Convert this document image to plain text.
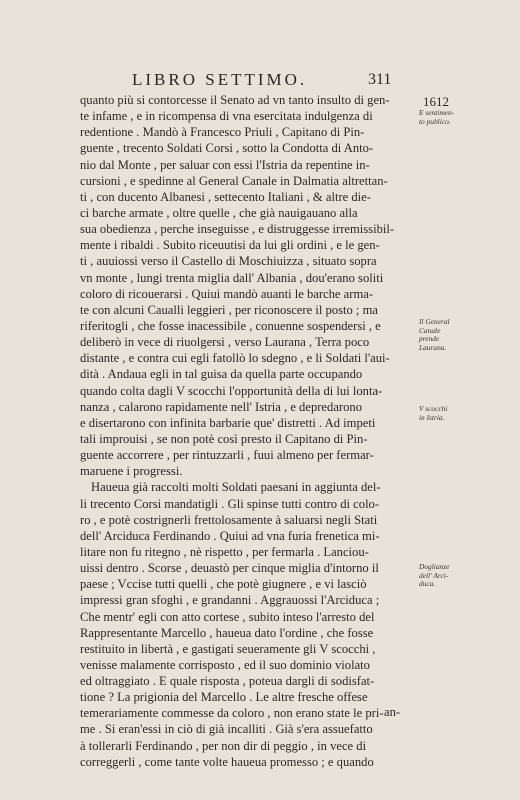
LIBRO SETTIMO.	311
1612
quanto più si contorcesse il Senato ad vn tanto insulto di gen-
te infame , e in ricompensa di vna esercitata indulgenza di
redentione . Mandò à Francesco Priuli , Capitano di Pin-
guente , trecento Soldati Corsi , sotto la Condotta di Anto-
nio dal Monte , per saluar con essi l'Istria da repentine in-
cursioni , e spedinne al General Canale in Dalmatia altrettan-
ti , con ducento Albanesi , settecento Italiani , & altre die-
ci barche armate , oltre quelle , che già nauigauano alla
sua obedienza , perche inseguisse , e distruggesse irremissibil-
mente i ribaldi . Subito riceuutisi da lui gli ordini , e le gen-
ti , auuiossi verso il Castello di Moschiuizza , situato sopra
vn monte , lungi trenta miglia dall' Albania , dou'erano soliti
coloro di ricouerarsi . Quiui mandò auanti le barche arma-
te con alcuni Caualli leggieri , per riconoscere il posto ; ma
riferitogli , che fosse inacessibile , conuenne sospendersi , e
deliberò in vece di riuolgersi , verso Laurana , Terra poco
distante , e contra cui egli fatollò lo sdegno , e li Soldati l'aui-
dità . Andaua egli in tal guisa da quella parte occupando
quando colta dagli V scocchi l'opportunità della di lui lonta-
nanza , calarono rapidamente nell' Istria , e depredarono
e disertarono con infinita barbarie que' distretti . Ad impeti
tali improuisi , se non potè così presto il Capitano di Pin-
guente accorrere , per rintuzzarli , fuui almeno per fermar-
maruene i progressi.
Haueua già raccolti molti Soldati paesani in aggiunta del-
li trecento Corsi mandatigli . Gli spinse tutti contro di colo-
ro , e potè costrignerli frettolosamente à saluarsi negli Stati
dell' Arciduca Ferdinando . Quiui ad vna furia frenetica mi-
litare non fu ritegno , nè rispetto , per fermarla . Lanciou-
uissi dentro . Scorse , deuastò per cinque miglia d'intorno il
paese ; Vccise tutti quelli , che potè giugnere , e vi lasciò
impressi gran sfoghi , e grandanni . Aggrauossi l'Arciduca ;
Che mentr' egli con atto cortese , subito inteso l'arresto del
Rappresentante Marcello , haueua dato l'ordine , che fosse
restituito in libertà , e gastigati seueramente gli V scocchi ,
venisse malamente corrisposto , ed il suo dominio violato
ed oltraggiato . E quale risposta , poteua dargli di sodisfat-
tione ? La prigionia del Marcello . Le altre fresche offese
temerariamente commesse da coloro , non erano state le pri-
me . Si eran'essi in ciò di già incalliti . Già s'era assuefatto
à tollerarli Ferdinando , per non dir di peggio , in vece di
correggerli , come tante volte haueua promesso ; e quando
E sentimen-
to publico.
Il General
Canale
prende
Laurana.
V scocchi
in Istria.
Doglianze
dell' Arci-
duca.
an-
